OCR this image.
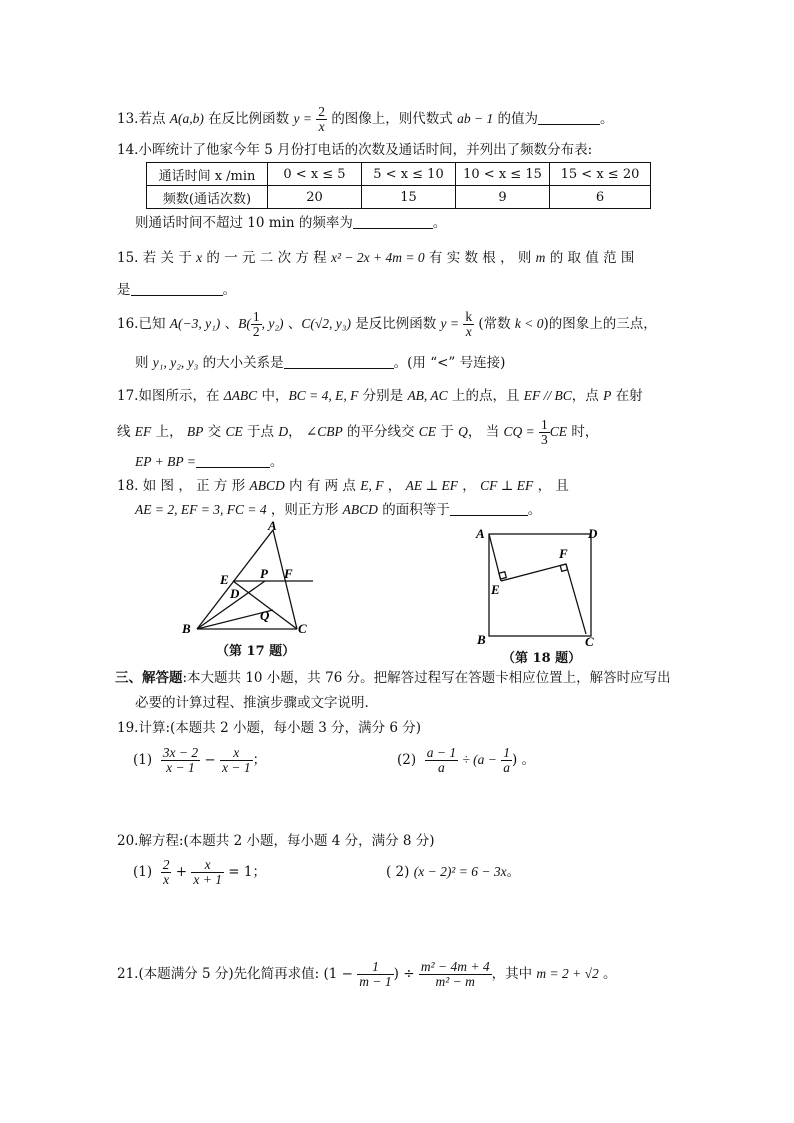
13.若点 A(a,b) 在反比例函数 $y = \frac{2}{x}$ 的图像上，则代数式 ab − 1 的值为	。
14.小晖统计了他家今年 5 月份打电话的次数及通话时间，并列出了频数分布表:
通话时间 x /min	0 < x ≤ 5	5 < x ≤ 10	10 < x ≤ 15	15 < x ≤ 20
频数(通话次数)	20	15	9	6
则通话时间不超过 10 min 的频率为	。
15. 若 关 于 x 的 一 元 二 次 方 程 x² − 2x + 4m = 0 有 实 数 根 ， 则 m 的 取 值 范 围
是	。
16.已知 A(−3, y₁) 、$B( \frac{1}{2}$ , y₂) 、C(√2, y₃) 是反比例函数 $y = \frac{k}{x}$ (常数 k < 0)的图象上的三点，
则 y₁, y₂, y₃ 的大小关系是	。(用 “<” 号连接)
17.如图所示，在 ΔABC 中，BC = 4, E, F 分别是 AB, AC 上的点，且 EF // BC，点 P 在射
线 EF 上， BP 交 CE 于点 D， ∠CBP 的平分线交 CE 于 Q， 当 CQ = $\frac{1}{3}$ CE 时，
EP + BP =	。
18. 如 图 ， 正 方 形 ABCD 内 有 两 点 E, F ， AE ⊥ EF ， CF ⊥ EF ， 且
AE = 2, EF = 3, FC = 4 ，则正方形 ABCD 的面积等于	。
A
E P F
D
Q
B	C
（第 17 题）
A	D
F
E
B	C
（第 18 题）
三、解答题:本大题共 10 小题，共 76 分。把解答过程写在答题卡相应位置上，解答时应写出
必要的计算过程、推演步骤或文字说明.
19.计算:(本题共 2 小题，每小题 3 分，满分 6 分)
$(1) \frac{3x - 2}{x - 1} - \frac{x}{x - 1}$ ；	$(2) \frac{a - 1}{a} \div (a - \frac{1}{a}$ ) 。
20.解方程:(本题共 2 小题，每小题 4 分，满分 8 分)
$(1) \frac{2}{x} + \frac{x}{x + 1} = 1$；	( 2) (x − 2)² = 6 − 3x。
21.(本题满分 5 分)先化简再求值: ($1 - \frac{1}{m - 1}$ ) ÷ $\frac{\text{m² − 4m + 4}}{\text{m² − m}}$ ，其中 m = 2 + √2 。
